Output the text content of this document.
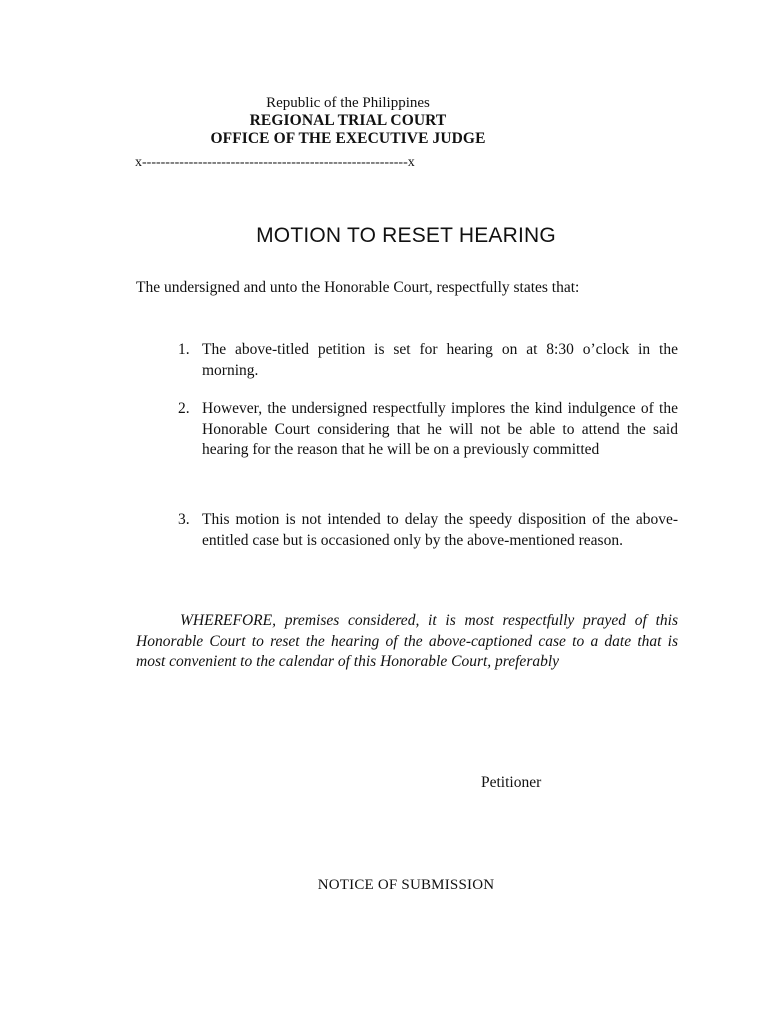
Republic of the Philippines
REGIONAL TRIAL COURT
OFFICE OF THE EXECUTIVE JUDGE
x---------------------------------------------------------x
MOTION TO RESET HEARING
The undersigned and unto the Honorable Court, respectfully states that:
1. The above-titled petition is set for hearing on at 8:30 o’clock in the morning.
2. However, the undersigned respectfully implores the kind indulgence of the Honorable Court considering that he will not be able to attend the said hearing for the reason that he will be on a previously committed
3. This motion is not intended to delay the speedy disposition of the above-entitled case but is occasioned only by the above-mentioned reason.
WHEREFORE, premises considered, it is most respectfully prayed of this Honorable Court to reset the hearing of the above-captioned case to a date that is most convenient to the calendar of this Honorable Court, preferably
Petitioner
NOTICE OF SUBMISSION
